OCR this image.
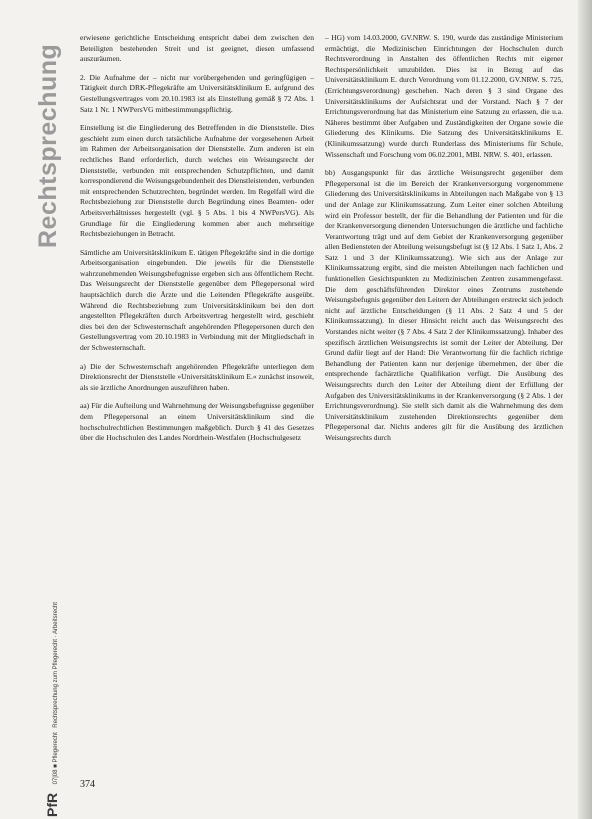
Rechtsprechung
PfR 07|08 ■ Pflegerecht Rechtsprechung zum Pflegerecht · Arbeitsrecht

erwiesene gerichtliche Entscheidung entspricht dabei dem zwischen den Beteiligten bestehenden Streit und ist geeignet, diesen umfassend auszuräumen.

2. Die Aufnahme der – nicht nur vorübergehenden und geringfügigen – Tätigkeit durch DRK-Pflegekräfte am Universitätsklinikum E. aufgrund des Gestellungsvertrages vom 20.10.1983 ist als Einstellung gemäß § 72 Abs. 1 Satz 1 Nr. 1 NWPersVG mitbestimmungspflichtig.

Einstellung ist die Eingliederung des Betreffenden in die Dienststelle. Dies geschieht zum einen durch tatsächliche Aufnahme der vorgesehenen Arbeit im Rahmen der Arbeitsorganisation der Dienststelle. Zum anderen ist ein rechtliches Band erforderlich, durch welches ein Weisungsrecht der Dienststelle, verbunden mit entsprechenden Schutzpflichten, und damit korrespondierend die Weisungsgebundenheit des Dienstleistenden, verbunden mit entsprechenden Schutzrechten, begründet werden. Im Regelfall wird die Rechtsbeziehung zur Dienststelle durch Begründung eines Beamten- oder Arbeitsverhältnisses hergestellt (vgl. § 5 Abs. 1 bis 4 NWPersVG). Als Grundlage für die Eingliederung kommen aber auch mehrseitige Rechtsbeziehungen in Betracht.

Sämtliche am Universitätsklinikum E. tätigen Pflegekräfte sind in die dortige Arbeitsorganisation eingebunden. Die jeweils für die Dienststelle wahrzunehmenden Weisungsbefugnisse ergeben sich aus öffentlichem Recht. Das Weisungsrecht der Dienststelle gegenüber dem Pflegepersonal wird hauptsächlich durch die Ärzte und die Leitenden Pflegekräfte ausgeübt. Während die Rechtsbeziehung zum Universitätsklinikum bei den dort angestellten Pflegekräften durch Arbeitsvertrag hergestellt wird, geschieht dies bei den der Schwesternschaft angehörenden Pflegepersonen durch den Gestellungsvertrag vom 20.10.1983 in Verbindung mit der Mitgliedschaft in der Schwesternschaft.

a) Die der Schwesternschaft angehörenden Pflegekräfte unterliegen dem Direktionsrecht der Dienststelle »Universitätsklinikum E.« zunächst insoweit, als sie ärztliche Anordnungen auszuführen haben.

aa) Für die Aufteilung und Wahrnehmung der Weisungsbefugnisse gegenüber dem Pflegepersonal an einem Universitätsklinikum sind die hochschulrechtlichen Bestimmungen maßgeblich. Durch § 41 des Gesetzes über die Hochschulen des Landes Nordrhein-Westfalen (Hochschulgesetz

– HG) vom 14.03.2000, GV.NRW. S. 190, wurde das zuständige Ministerium ermächtigt, die Medizinischen Einrichtungen der Hochschulen durch Rechtsverordnung in Anstalten des öffentlichen Rechts mit eigener Rechtspersönlichkeit umzubilden. Dies ist in Bezug auf das Universitätsklinikum E. durch Verordnung vom 01.12.2000, GV.NRW. S. 725, (Errichtungsverordnung) geschehen. Nach deren § 3 sind Organe des Universitätsklinikums der Aufsichtsrat und der Vorstand. Nach § 7 der Errichtungsverordnung hat das Ministerium eine Satzung zu erlassen, die u.a. Näheres bestimmt über Aufgaben und Zuständigkeiten der Organe sowie die Gliederung des Klinikums. Die Satzung des Universitätsklinikums E. (Klinikumssatzung) wurde durch Runderlass des Ministeriums für Schule, Wissenschaft und Forschung vom 06.02.2001, MBl. NRW. S. 401, erlassen.

bb) Ausgangspunkt für das ärztliche Weisungsrecht gegenüber dem Pflegepersonal ist die im Bereich der Krankenversorgung vorgenommene Gliederung des Universitätsklinikums in Abteilungen nach Maßgabe von § 13 und der Anlage zur Klinikumssatzung. Zum Leiter einer solchen Abteilung wird ein Professor bestellt, der für die Behandlung der Patienten und für die der Krankenversorgung dienenden Untersuchungen die ärztliche und fachliche Verantwortung trägt und auf dem Gebiet der Krankenversorgung gegenüber allen Bediensteten der Abteilung weisungsbefugt ist (§ 12 Abs. 1 Satz 1, Abs. 2 Satz 1 und 3 der Klinikumssatzung). Wie sich aus der Anlage zur Klinikumssatzung ergibt, sind die meisten Abteilungen nach fachlichen und funktionellen Gesichtspunkten zu Medizinischen Zentren zusammengefasst. Die dem geschäftsführenden Direktor eines Zentrums zustehende Weisungsbefugnis gegenüber den Leitern der Abteilungen erstreckt sich jedoch nicht auf ärztliche Entscheidungen (§ 11 Abs. 2 Satz 4 und 5 der Klinikumssatzung). In dieser Hinsicht reicht auch das Weisungsrecht des Vorstandes nicht weiter (§ 7 Abs. 4 Satz 2 der Klinikumssatzung). Inhaber des spezifisch ärztlichen Weisungsrechts ist somit der Leiter der Abteilung. Der Grund dafür liegt auf der Hand: Die Verantwortung für die fachlich richtige Behandlung der Patienten kann nur derjenige übernehmen, der über die entsprechende fachärztliche Qualifikation verfügt. Die Ausübung des Weisungsrechts durch den Leiter der Abteilung dient der Erfüllung der Aufgaben des Universitätsklinikums in der Krankenversorgung (§ 2 Abs. 1 der Errichtungsverordnung). Sie stellt sich damit als die Wahrnehmung des dem Universitätsklinikum zustehenden Direktionsrechts gegenüber dem Pflegepersonal dar. Nichts anderes gilt für die Ausübung des ärztlichen Weisungsrechts durch

374
